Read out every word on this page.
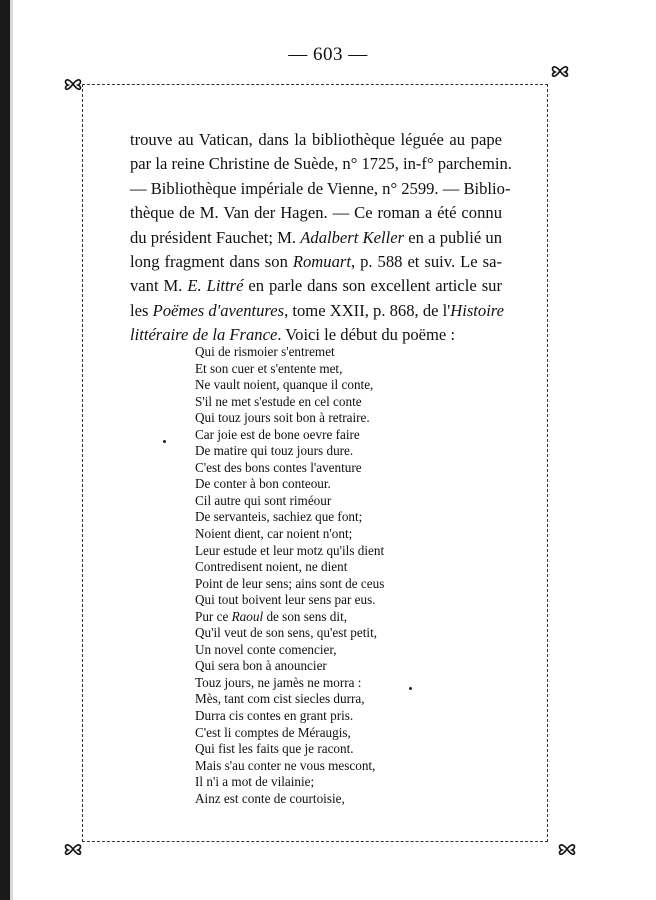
— 603 —
trouve au Vatican, dans la bibliothèque léguée au pape
par la reine Christine de Suède, n° 1725, in-f° parchemin.
— Bibliothèque impériale de Vienne, n° 2599. — Biblio-
thèque de M. Van der Hagen. — Ce roman a été connu
du président Fauchet; M. Adalbert Keller en a publié un
long fragment dans son Romuart, p. 588 et suiv. Le sa-
vant M. E. Littré en parle dans son excellent article sur
les Poëmes d'aventures, tome XXII, p. 868, de l'Histoire
littéraire de la France. Voici le début du poëme :
Qui de rismoier s'entremet
Et son cuer et s'entente met,
Ne vault noient, quanque il conte,
S'il ne met s'estude en cel conte
Qui touz jours soit bon à retraire.
Car joie est de bone oevre faire
De matire qui touz jours dure.
C'est des bons contes l'aventure
De conter à bon conteour.
Cil autre qui sont riméour
De servanteis, sachiez que font;
Noient dient, car noient n'ont;
Leur estude et leur motz qu'ils dient
Contredisent noient, ne dient
Point de leur sens; ains sont de ceus
Qui tout boivent leur sens par eus.
Pur ce Raoul de son sens dit,
Qu'il veut de son sens, qu'est petit,
Un novel conte comencier,
Qui sera bon à anouncier
Touz jours, ne jamès ne morra :
Mès, tant com cist siecles durra,
Durra cis contes en grant pris.
C'est li comptes de Méraugis,
Qui fist les faits que je racont.
Mais s'au conter ne vous mescont,
Il n'i a mot de vilainie;
Ainz est conte de courtoisie,
